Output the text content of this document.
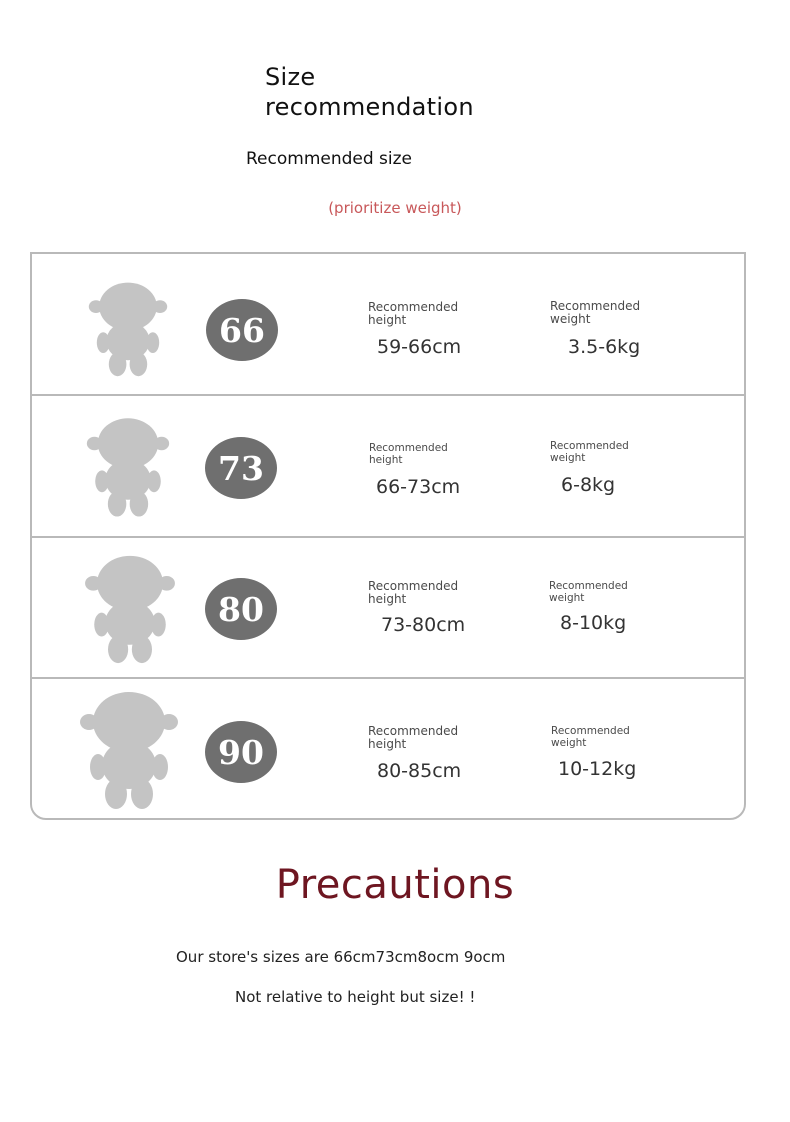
Size
recommendation
Recommended size
(prioritize weight)
66
Recommended height
59-66cm
Recommended weight
3.5-6kg
73
Recommended height
66-73cm
Recommended weight
6-8kg
80
Recommended height
73-80cm
Recommended weight
8-10kg
90
Recommended height
80-85cm
Recommended weight
10-12kg
Precautions
Our store's sizes are 66cm73cm8ocm 9ocm
Not relative to height but size! !
